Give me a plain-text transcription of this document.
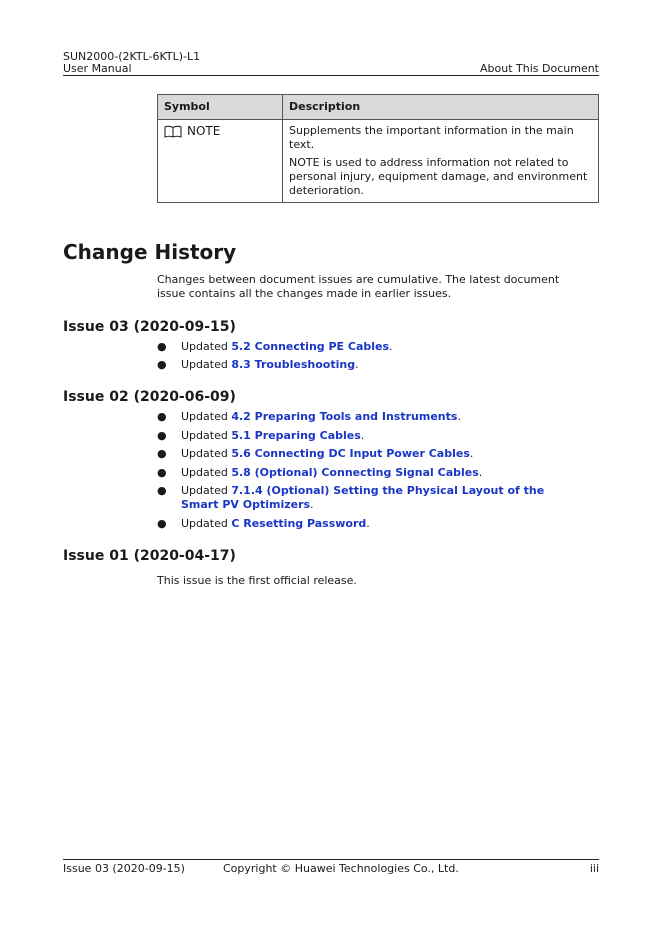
SUN2000-(2KTL-6KTL)-L1
User Manual	About This Document
Symbol	Description

NOTE	Supplements the important information in the main text.

NOTE is used to address information not related to personal injury, equipment damage, and environment deterioration.

Change History
Changes between document issues are cumulative. The latest document issue contains all the changes made in earlier issues.
Issue 03 (2020-09-15)
● Updated 5.2 Connecting PE Cables.
● Updated 8.3 Troubleshooting.
Issue 02 (2020-06-09)
● Updated 4.2 Preparing Tools and Instruments.
● Updated 5.1 Preparing Cables.
● Updated 5.6 Connecting DC Input Power Cables.
● Updated 5.8 (Optional) Connecting Signal Cables.
● Updated 7.1.4 (Optional) Setting the Physical Layout of the Smart PV Optimizers.
● Updated C Resetting Password.
Issue 01 (2020-04-17)
This issue is the first official release.
Issue 03 (2020-09-15)	Copyright © Huawei Technologies Co., Ltd.	iii
